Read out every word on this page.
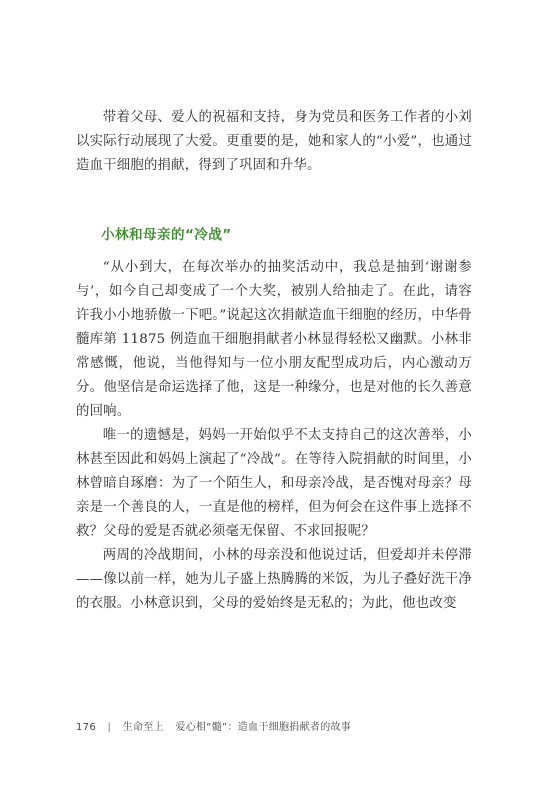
带着父母、爱人的祝福和支持，身为党员和医务工作者的小刘以实际行动展现了大爱。更重要的是，她和家人的“小爱”，也通过造血干细胞的捐献，得到了巩固和升华。

小林和母亲的“冷战”

“从小到大，在每次举办的抽奖活动中，我总是抽到‘谢谢参与’，如今自己却变成了一个大奖，被别人给抽走了。在此，请容许我小小地骄傲一下吧。”说起这次捐献造血干细胞的经历，中华骨髓库第 11875 例造血干细胞捐献者小林显得轻松又幽默。小林非常感慨，他说，当他得知与一位小朋友配型成功后，内心激动万分。他坚信是命运选择了他，这是一种缘分，也是对他的长久善意的回响。

唯一的遗憾是，妈妈一开始似乎不太支持自己的这次善举，小林甚至因此和妈妈上演起了“冷战”。在等待入院捐献的时间里，小林曾暗自琢磨：为了一个陌生人，和母亲冷战，是否愧对母亲？母亲是一个善良的人，一直是他的榜样，但为何会在这件事上选择不救？父母的爱是否就必须毫无保留、不求回报呢？

两周的冷战期间，小林的母亲没和他说过话，但爱却并未停滞——像以前一样，她为儿子盛上热腾腾的米饭，为儿子叠好洗干净的衣服。小林意识到，父母的爱始终是无私的；为此，他也改变

176 | 生命至上 爱心相“髓”：造血干细胞捐献者的故事
